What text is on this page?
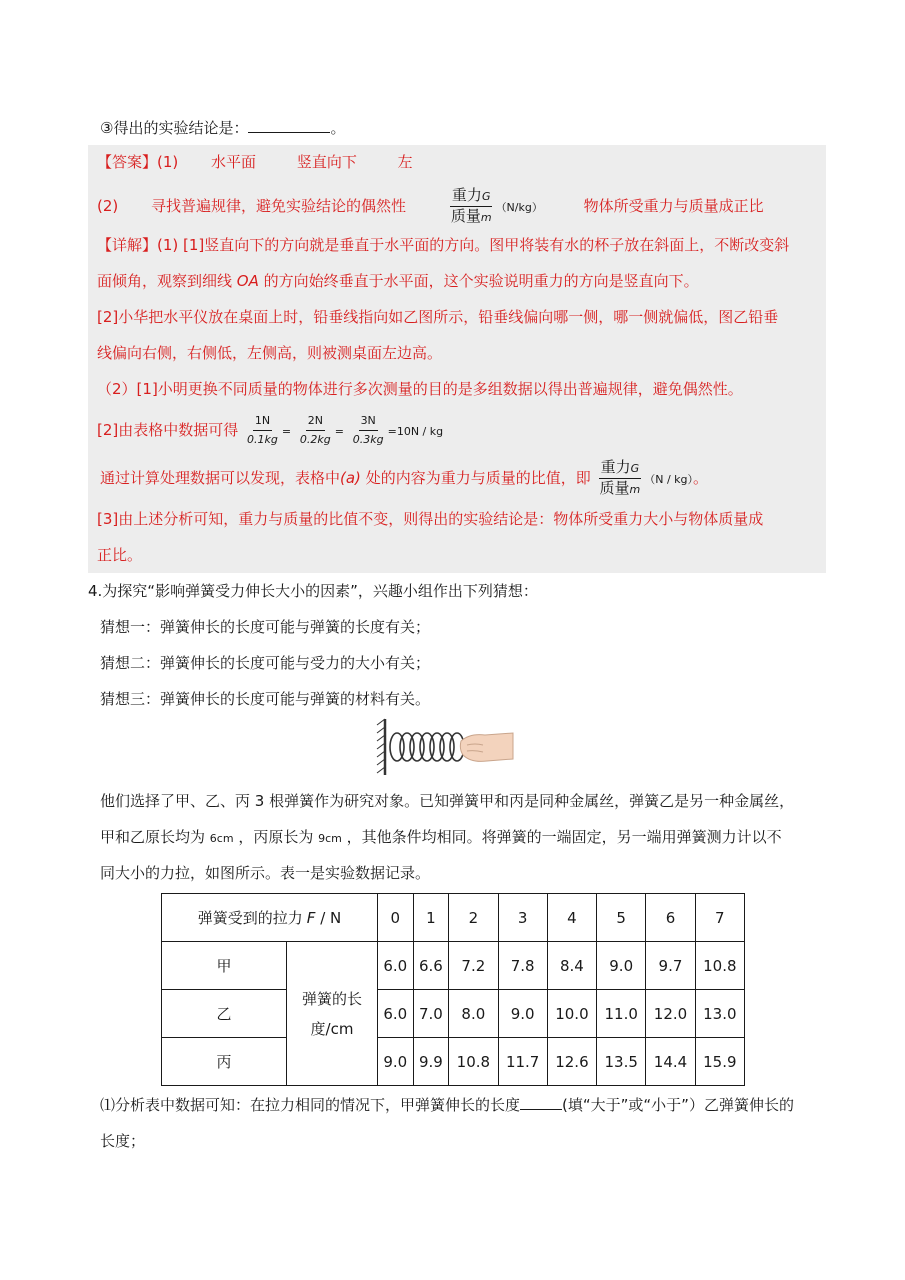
③得出的实验结论是：	。
【答案】(1) 水平面	竖直向下	左
(2) 寻找普遍规律，避免实验结论的偶然性	$\frac{\text{重力G}}{\text{质量m}} (N/kg)$	物体所受重力与质量成正比
【详解】(1) [1]竖直向下的方向就是垂直于水平面的方向。图甲将装有水的杯子放在斜面上，不断改变斜
面倾角，观察到细线 OA 的方向始终垂直于水平面，这个实验说明重力的方向是竖直向下。
[2]小华把水平仪放在桌面上时，铅垂线指向如乙图所示，铅垂线偏向哪一侧，哪一侧就偏低，图乙铅垂
线偏向右侧，右侧低，左侧高，则被测桌面左边高。
（2）[1]小明更换不同质量的物体进行多次测量的目的是多组数据以得出普遍规律，避免偶然性。
[2]由表格中数据可得 $\frac{1N}{0.1kg} = \frac{2N}{0.2kg} = \frac{3N}{0.3kg} =10N$ / kg
通过计算处理数据可以发现，表格中(a) 处的内容为重力与质量的比值，即 $\frac{\text{重力G}}{\text{质量m}} (N / kg)$。
[3]由上述分析可知，重力与质量的比值不变，则得出的实验结论是：物体所受重力大小与物体质量成
正比。
4.为探究“影响弹簧受力伸长大小的因素”，兴趣小组作出下列猜想：
猜想一：弹簧伸长的长度可能与弹簧的长度有关；
猜想二：弹簧伸长的长度可能与受力的大小有关；
猜想三：弹簧伸长的长度可能与弹簧的材料有关。
他们选择了甲、乙、丙 3 根弹簧作为研究对象。已知弹簧甲和丙是同种金属丝，弹簧乙是另一种金属丝，
甲和乙原长均为 6cm ，丙原长为 9cm ，其他条件均相同。将弹簧的一端固定，另一端用弹簧测力计以不
同大小的力拉，如图所示。表一是实验数据记录。
弹簧受到的拉力 F / N		0	1	2	3	4	5	6	7
甲	弹簧的长
度/cm	6.0	6.6	7.2	7.8	8.4	9.0	9.7	10.8
乙		6.0	7.0	8.0	9.0	10.0	11.0	12.0	13.0
丙		9.0	9.9	10.8	11.7	12.6	13.5	14.4	15.9
⑴分析表中数据可知：在拉力相同的情况下，甲弹簧伸长的长度	(填“大于”或“小于”）乙弹簧伸长的
长度；
